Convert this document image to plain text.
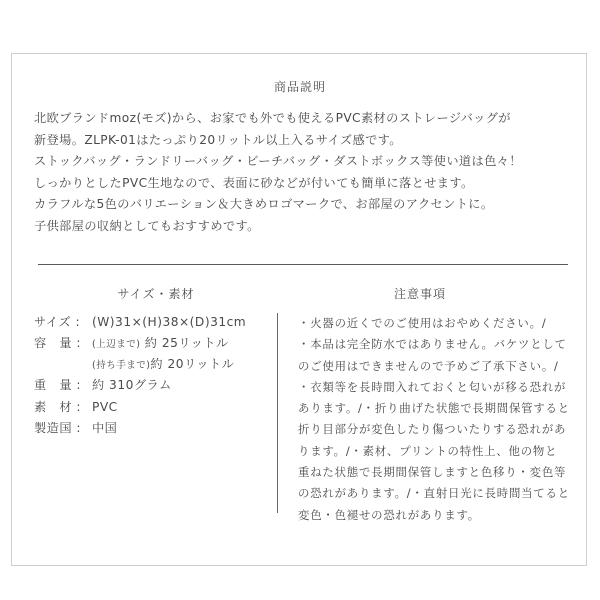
商品説明
北欧ブランドmoz(モズ)から、お家でも外でも使えるPVC素材のストレージバッグが
新登場。ZLPK-01はたっぷり20リットル以上入るサイズ感です。
ストックバッグ・ランドリーバッグ・ビーチバッグ・ダストボックス等使い道は色々！
しっかりとしたPVC生地なので、表面に砂などが付いても簡単に落とせます。
カラフルな5色のバリエーション＆大きめロゴマークで、お部屋のアクセントに。
子供部屋の収納としてもおすすめです。
サイズ・素材	注意事項
サイズ : (W)31×(H)38×(D)31cm
容　量 : (上辺まで) 約 25リットル
(持ち手まで)約 20リットル
重　量 : 約 310グラム
素　材 : PVC
製造国 : 中国
・火器の近くでのご使用はおやめください。/
・本品は完全防水ではありません。バケツとして
のご使用はできませんので予めご了承下さい。/
・衣類等を長時間入れておくと匂いが移る恐れが
あります。/・折り曲げた状態で長期間保管すると
折り目部分が変色したり傷ついたりする恐れがあ
ります。/・素材、プリントの特性上、他の物と
重ねた状態で長期間保管しますと色移り・変色等
の恐れがあります。/・直射日光に長時間当てると
変色・色褪せの恐れがあります。
